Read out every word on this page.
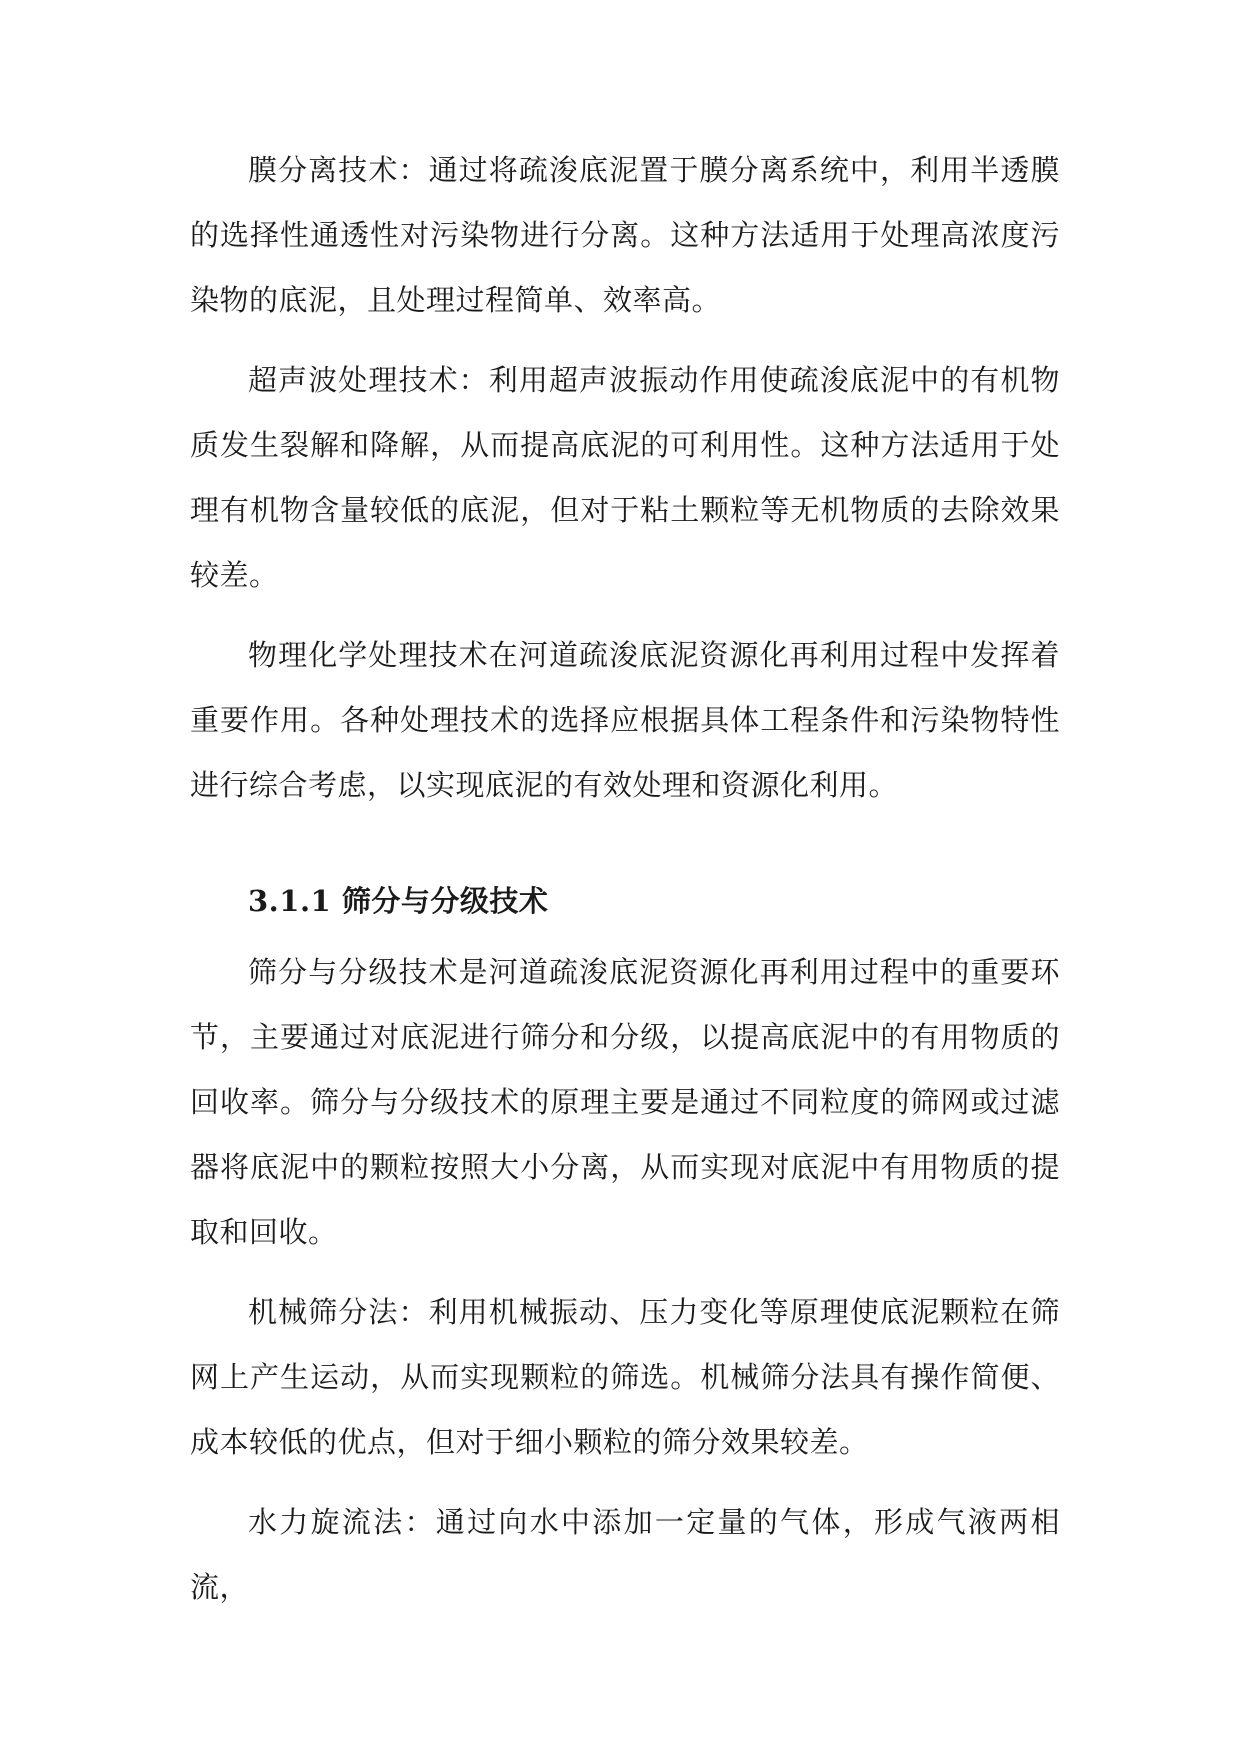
膜分离技术：通过将疏浚底泥置于膜分离系统中，利用半透膜的选择性通透性对污染物进行分离。这种方法适用于处理高浓度污染物的底泥，且处理过程简单、效率高。

超声波处理技术：利用超声波振动作用使疏浚底泥中的有机物质发生裂解和降解，从而提高底泥的可利用性。这种方法适用于处理有机物含量较低的底泥，但对于粘土颗粒等无机物质的去除效果较差。

物理化学处理技术在河道疏浚底泥资源化再利用过程中发挥着重要作用。各种处理技术的选择应根据具体工程条件和污染物特性进行综合考虑，以实现底泥的有效处理和资源化利用。

3.1.1 筛分与分级技术

筛分与分级技术是河道疏浚底泥资源化再利用过程中的重要环节，主要通过对底泥进行筛分和分级，以提高底泥中的有用物质的回收率。筛分与分级技术的原理主要是通过不同粒度的筛网或过滤器将底泥中的颗粒按照大小分离，从而实现对底泥中有用物质的提取和回收。

机械筛分法：利用机械振动、压力变化等原理使底泥颗粒在筛网上产生运动，从而实现颗粒的筛选。机械筛分法具有操作简便、成本较低的优点，但对于细小颗粒的筛分效果较差。

水力旋流法：通过向水中添加一定量的气体，形成气液两相流，
